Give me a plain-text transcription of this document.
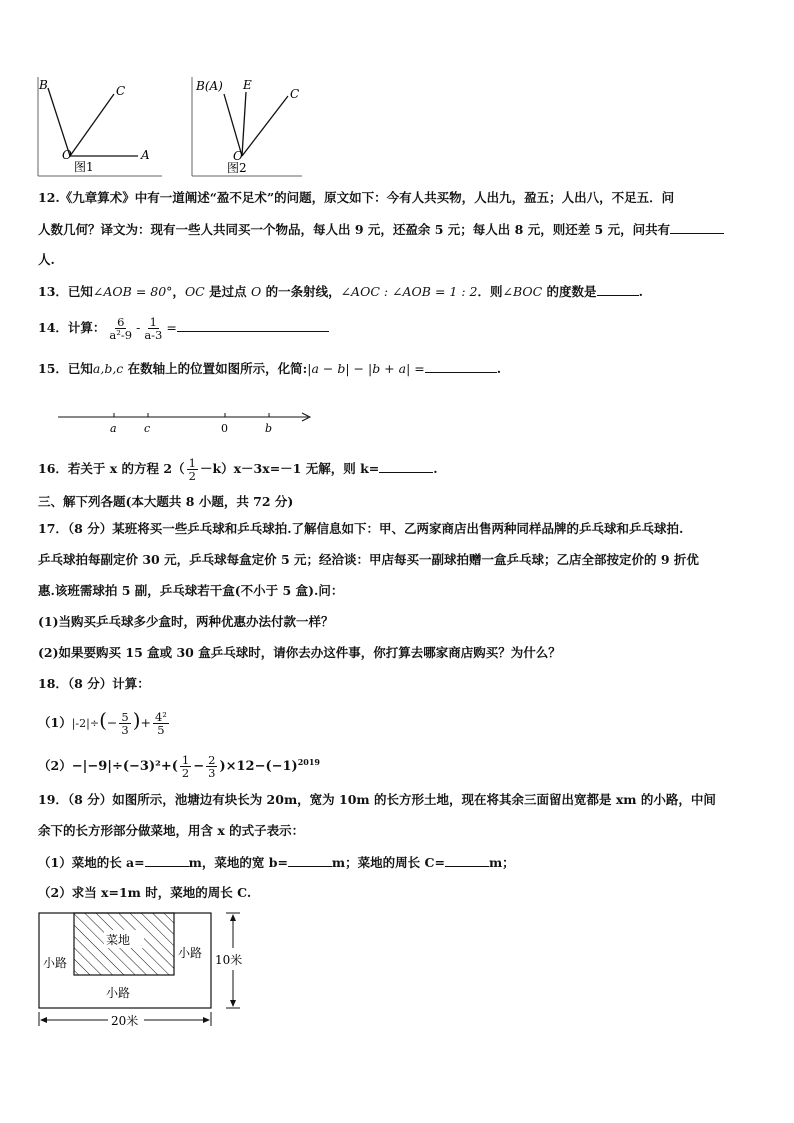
B	C
O	A
图1
B(A) E
C
O
图2
12.《九章算术》中有一道阐述“盈不足术”的问题，原文如下：今有人共买物，人出九，盈五；人出八，不足五．问
人数几何？译文为：现有一些人共同买一个物品，每人出 9 元，还盈余 5 元；每人出 8 元，则还差 5 元，问共有
人.
13．已知∠AOB = 80°，OC 是过点 O 的一条射线，∠AOC : ∠AOB = 1 : 2．则∠BOC 的度数是	.
14．计算： $\frac{6}{\text{a²-9}} - \frac{1}{a-3}$ =
15．已知a,b,c 在数轴上的位置如图所示，化简:|a − b| − |b + a| =	.
a c	0	b
16．若关于 x 的方程 $2( \frac{1}{2} -k)x-3x=-1$ 无解，则 k=	.
三、解下列各题(本大题共 8 小题，共 72 分)
17．（8 分）某班将买一些乒乓球和乒乓球拍.了解信息如下：甲、乙两家商店出售两种同样品牌的乒乓球和乒乓球拍.
乒乓球拍每副定价 30 元，乒乓球每盒定价 5 元；经洽谈：甲店每买一副球拍赠一盒乒乓球；乙店全部按定价的 9 折优
惠.该班需球拍 5 副，乒乓球若干盒(不小于 5 盒).问：
(1)当购买乒乓球多少盒时，两种优惠办法付款一样？
(2)如果要购买 15 盒或 30 盒乒乓球时，请你去办这件事，你打算去哪家商店购买？为什么？
18．（8 分）计算：
$(1)|-2|\div(- \frac{5}{3}$ )+ $\frac{\text{4²}}{5}$
$(2)-|-9|\div(-3)^2+( \frac{1}{2} - \frac{2}{3} )\times 12-(-1)^{2019}$
19．（8 分）如图所示，池塘边有块长为 20m，宽为 10m 的长方形土地，现在将其余三面留出宽都是 xm 的小路，中间
余下的长方形部分做菜地，用含 x 的式子表示：
（1）菜地的长 a=	m，菜地的宽 b=	m；菜地的周长 C=	m；
（2）求当 x=1m 时，菜地的周长 C.
菜地
小路
小路
小路
10米
20米
